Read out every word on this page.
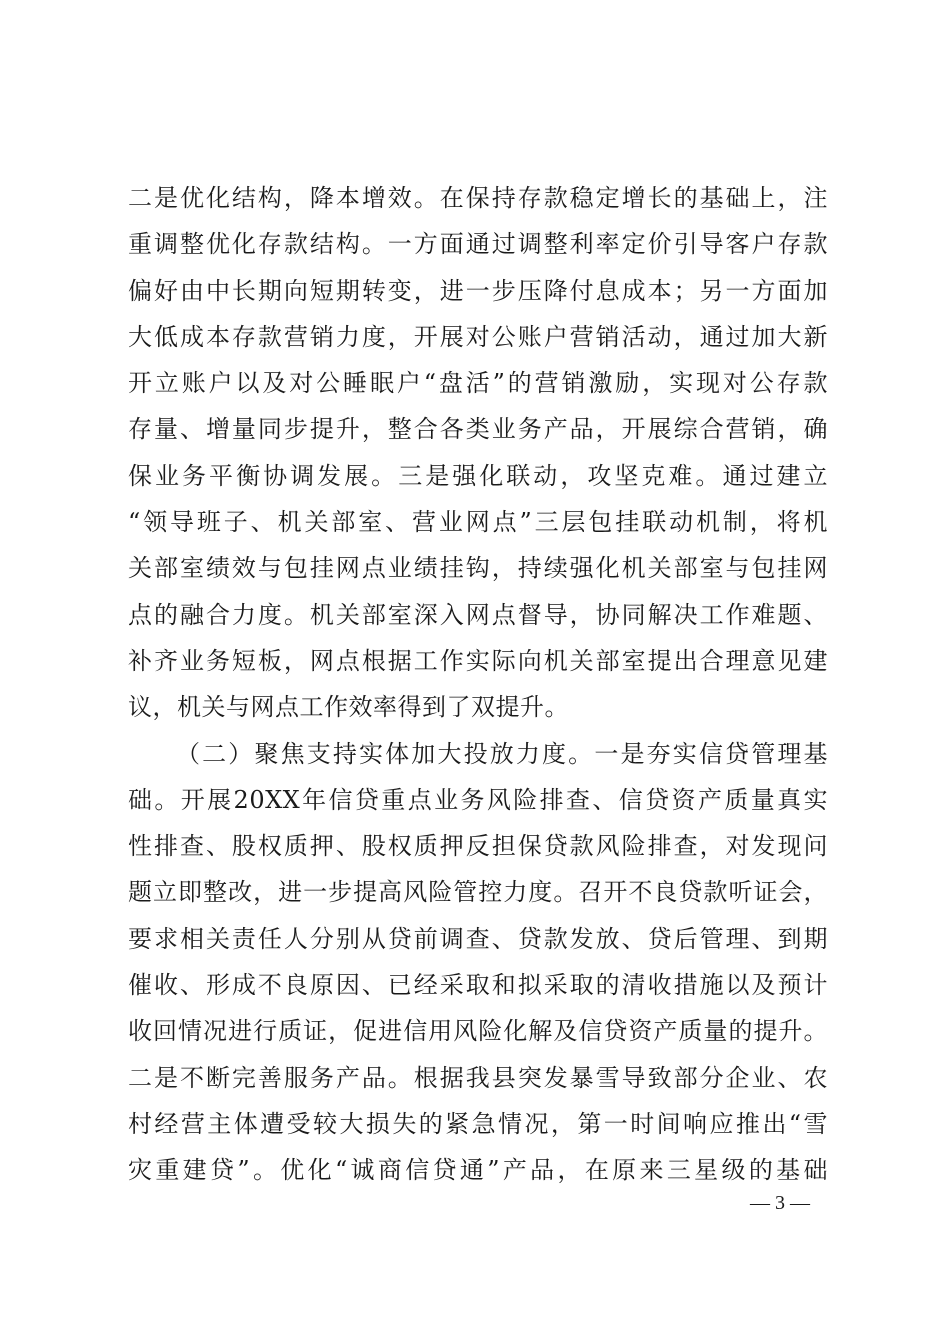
二是优化结构，降本增效。在保持存款稳定增长的基础上，注
重调整优化存款结构。一方面通过调整利率定价引导客户存款
偏好由中长期向短期转变，进一步压降付息成本；另一方面加
大低成本存款营销力度，开展对公账户营销活动，通过加大新
开立账户以及对公睡眠户“盘活”的营销激励，实现对公存款
存量、增量同步提升，整合各类业务产品，开展综合营销，确
保业务平衡协调发展。三是强化联动，攻坚克难。通过建立
“领导班子、机关部室、营业网点”三层包挂联动机制，将机
关部室绩效与包挂网点业绩挂钩，持续强化机关部室与包挂网
点的融合力度。机关部室深入网点督导，协同解决工作难题、
补齐业务短板，网点根据工作实际向机关部室提出合理意见建
议，机关与网点工作效率得到了双提升。
（二）聚焦支持实体加大投放力度。一是夯实信贷管理基
础。开展20XX年信贷重点业务风险排查、信贷资产质量真实
性排查、股权质押、股权质押反担保贷款风险排查，对发现问
题立即整改，进一步提高风险管控力度。召开不良贷款听证会，
要求相关责任人分别从贷前调查、贷款发放、贷后管理、到期
催收、形成不良原因、已经采取和拟采取的清收措施以及预计
收回情况进行质证，促进信用风险化解及信贷资产质量的提升。
二是不断完善服务产品。根据我县突发暴雪导致部分企业、农
村经营主体遭受较大损失的紧急情况，第一时间响应推出“雪
灾重建贷”。优化“诚商信贷通”产品，在原来三星级的基础
— 3 —
